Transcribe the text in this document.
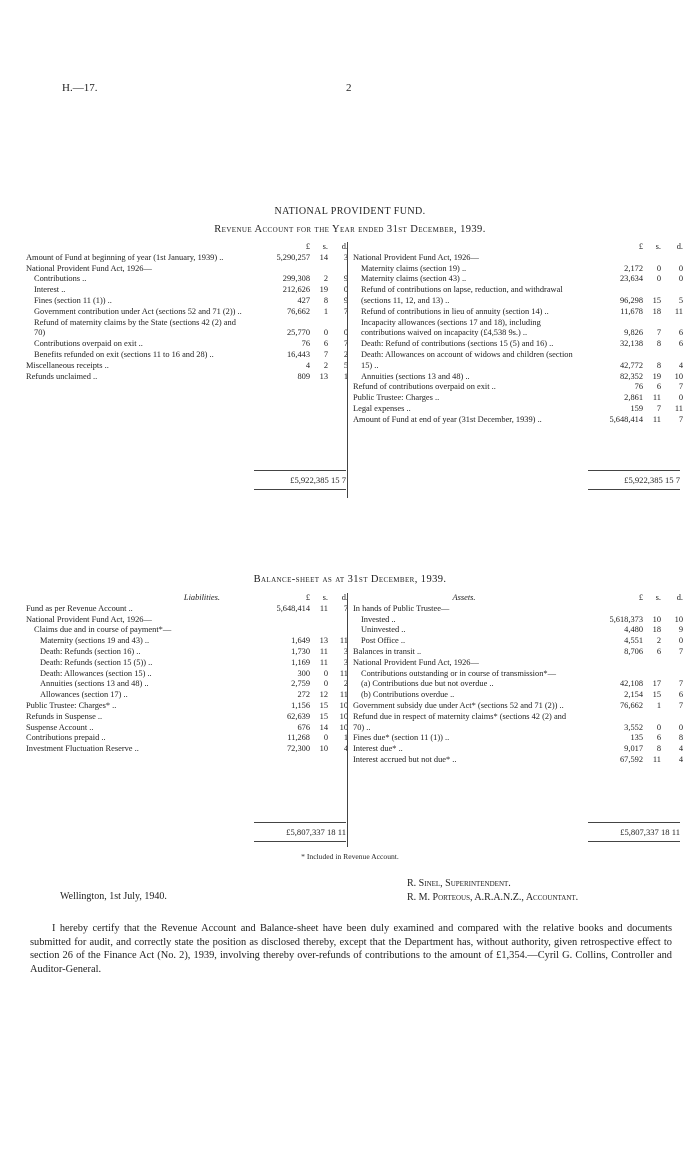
H.—17.	2
NATIONAL PROVIDENT FUND.
Revenue Account for the Year ended 31st December, 1939.
	£	s.	d.
Amount of Fund at beginning of year (1st January, 1939) ..	5,290,257	14	3
National Provident Fund Act, 1926—			
Contributions ..	299,308	2	9
Interest ..	212,626	19	0
Fines (section 11 (1)) ..	427	8	9
Government contribution under Act (sections 52 and 71 (2)) ..	76,662	1	7
Refund of maternity claims by the State (sections 42 (2) and 70)	25,770	0	0
Contributions overpaid on exit ..	76	6	7
Benefits refunded on exit (sections 11 to 16 and 28) ..	16,443	7	2
Miscellaneous receipts ..	4	2	5
Refunds unclaimed ..	809	13	1
	£	s.	d.
National Provident Fund Act, 1926—			
Maternity claims (section 19) ..	2,172	0	0
Maternity claims (section 43) ..	23,634	0	0
Refund of contributions on lapse, reduction, and withdrawal (sections 11, 12, and 13) ..	96,298	15	5
Refund of contributions in lieu of annuity (section 14) ..	11,678	18	11
Incapacity allowances (sections 17 and 18), including contributions waived on incapacity (£4,538 9s.) ..	9,826	7	6
Death: Refund of contributions (sections 15 (5) and 16) ..	32,138	8	6
Death: Allowances on account of widows and children (section 15) ..	42,772	8	4
Annuities (sections 13 and 48) ..	82,352	19	10
Refund of contributions overpaid on exit ..	76	6	7
Public Trustee: Charges ..	2,861	11	0
Legal expenses ..	159	7	11
Amount of Fund at end of year (31st December, 1939) ..	5,648,414	11	7
£5,922,385 15 7	£5,922,385 15 7
Balance-sheet as at 31st December, 1939.
Liabilities.	£	s.	d.
Fund as per Revenue Account ..	5,648,414	11	7
National Provident Fund Act, 1926—			
Claims due and in course of payment*—			
Maternity (sections 19 and 43) ..	1,649	13	11
Death: Refunds (section 16) ..	1,730	11	3
Death: Refunds (section 15 (5)) ..	1,169	11	3
Death: Allowances (section 15) ..	300	0	11
Annuities (sections 13 and 48) ..	2,759	0	2
Allowances (section 17) ..	272	12	11
Public Trustee: Charges* ..	1,156	15	10
Refunds in Suspense ..	62,639	15	10
Suspense Account ..	676	14	10
Contributions prepaid ..	11,268	0	1
Investment Fluctuation Reserve ..	72,300	10	4
Assets.	£	s.	d.
In hands of Public Trustee—			
Invested ..	5,618,373	10	10
Uninvested ..	4,480	18	9
Post Office ..	4,551	2	0
Balances in transit ..	8,706	6	7
National Provident Fund Act, 1926—			
Contributions outstanding or in course of transmission*—			
(a) Contributions due but not overdue ..	42,108	17	7
(b) Contributions overdue ..	2,154	15	6
Government subsidy due under Act* (sections 52 and 71 (2)) ..	76,662	1	7
Refund due in respect of maternity claims* (sections 42 (2) and 70) ..	3,552	0	0
Fines due* (section 11 (1)) ..	135	6	8
Interest due* ..	9,017	8	4
Interest accrued but not due* ..	67,592	11	4
£5,807,337 18 11	£5,807,337 18 11
* Included in Revenue Account.
R. Sinel, Superintendent.
Wellington, 1st July, 1940.	R. M. Porteous, A.R.A.N.Z., Accountant.
I hereby certify that the Revenue Account and Balance-sheet have been duly examined and compared with the relative books and documents submitted for audit, and correctly state the position as disclosed thereby, except that the Department has, without authority, given retrospective effect to section 26 of the Finance Act (No. 2), 1939, involving thereby over-refunds of contributions to the amount of £1,354.—Cyril G. Collins, Controller and Auditor-General.
